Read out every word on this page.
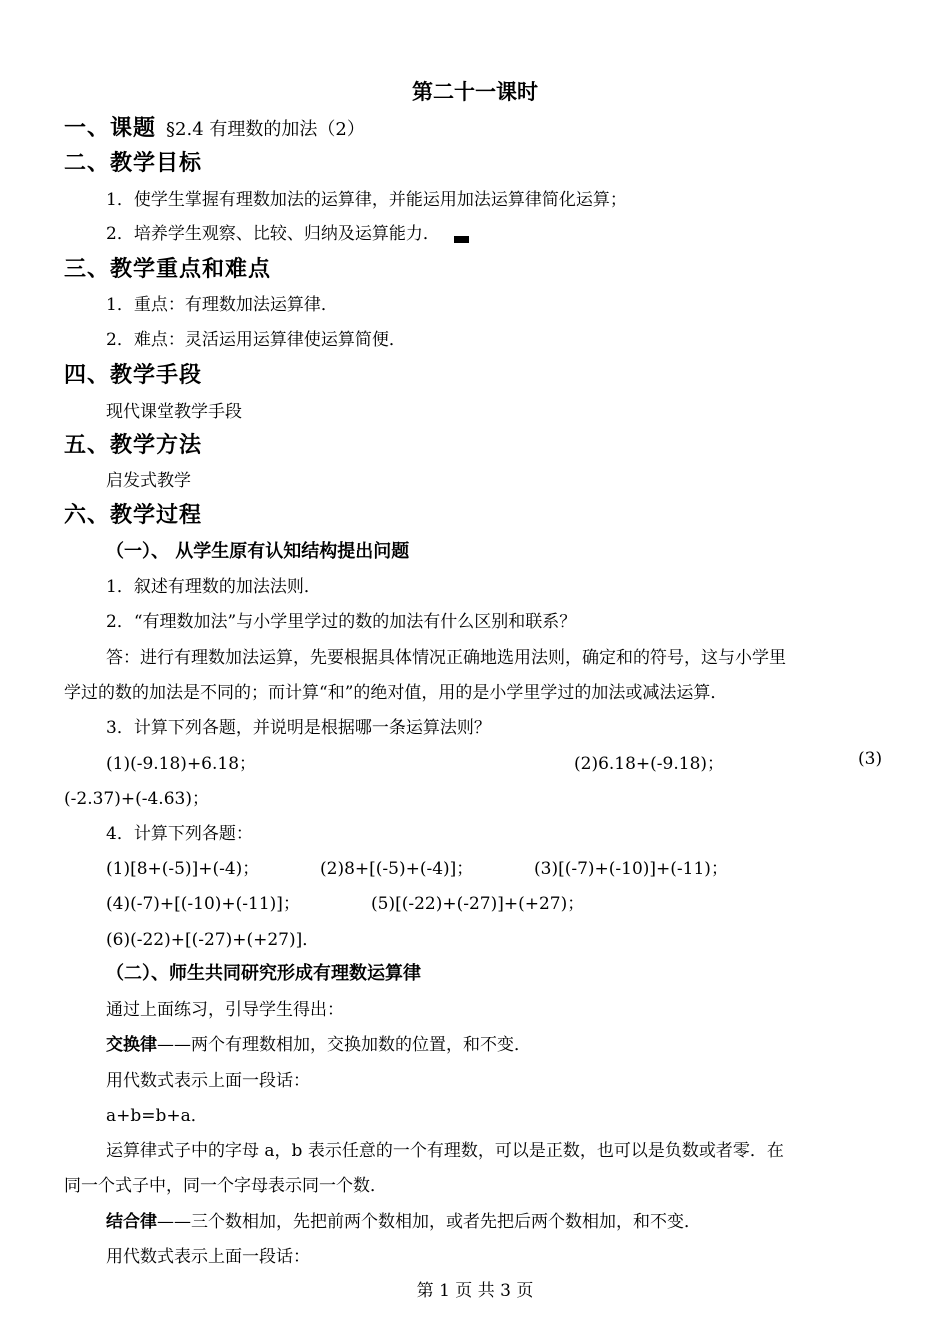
第二十一课时
一、课题 §2.4 有理数的加法（2）
二、教学目标
1．使学生掌握有理数加法的运算律，并能运用加法运算律简化运算；
2．培养学生观察、比较、归纳及运算能力．
三、教学重点和难点
1．重点：有理数加法运算律．
2．难点：灵活运用运算律使运算简便．
四、教学手段
现代课堂教学手段
五、教学方法
启发式教学
六、教学过程
（一）、 从学生原有认知结构提出问题
1．叙述有理数的加法法则．
2．“有理数加法”与小学里学过的数的加法有什么区别和联系？
答：进行有理数加法运算，先要根据具体情况正确地选用法则，确定和的符号，这与小学里
学过的数的加法是不同的；而计算“和”的绝对值，用的是小学里学过的加法或减法运算．
3．计算下列各题，并说明是根据哪一条运算法则？
(1)(-9.18)+6.18；	(2)6.18+(-9.18)；	(3)
(-2.37)+(-4.63)；
4．计算下列各题：
(1)[8+(-5)]+(-4)；	(2)8+[(-5)+(-4)]；	(3)[(-7)+(-10)]+(-11)；
(4)(-7)+[(-10)+(-11)]；	(5)[(-22)+(-27)]+(+27)；
(6)(-22)+[(-27)+(+27)]．
（二）、师生共同研究形成有理数运算律
通过上面练习，引导学生得出：
交换律——两个有理数相加，交换加数的位置，和不变．
用代数式表示上面一段话：
a+b=b+a．
运算律式子中的字母 a，b 表示任意的一个有理数，可以是正数，也可以是负数或者零．在
同一个式子中，同一个字母表示同一个数．
结合律——三个数相加，先把前两个数相加，或者先把后两个数相加，和不变．
用代数式表示上面一段话：
第 1 页 共 3 页
